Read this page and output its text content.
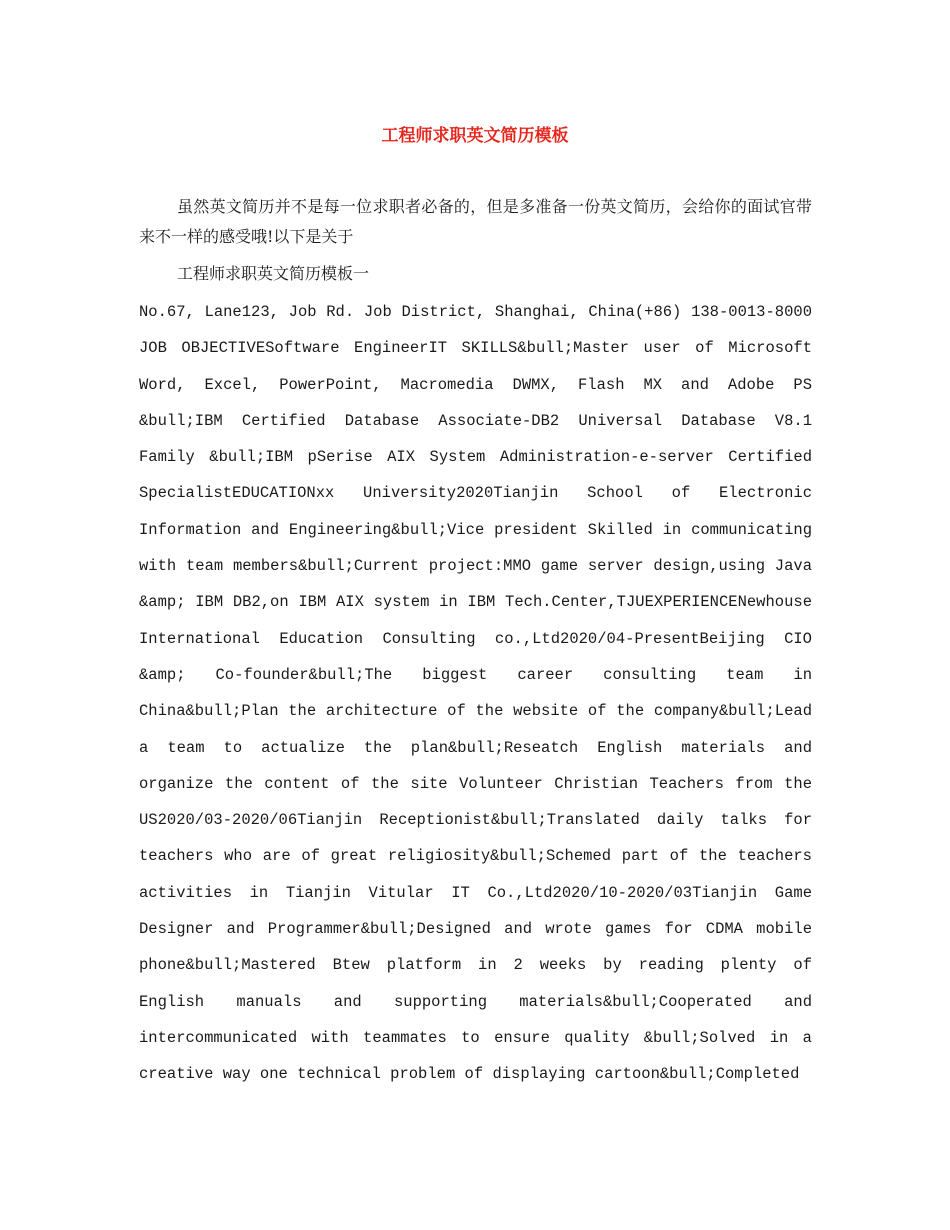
工程师求职英文简历模板

虽然英文简历并不是每一位求职者必备的，但是多准备一份英文简历，会给你的面试官带来不一样的感受哦!以下是关于

工程师求职英文简历模板一

No.67, Lane123, Job Rd. Job District, Shanghai, China(+86) 138-0013-8000 JOB OBJECTIVESoftware EngineerIT SKILLS&bull;Master user of Microsoft Word, Excel, PowerPoint, Macromedia DWMX, Flash MX and Adobe PS &bull;IBM Certified Database Associate-DB2 Universal Database V8.1 Family &bull;IBM pSerise AIX System Administration-e-server Certified SpecialistEDUCATIONxx University2020Tianjin School of Electronic Information and Engineering&bull;Vice president Skilled in communicating with team members&bull;Current project:MMO game server design,using Java &amp; IBM DB2,on IBM AIX system in IBM Tech.Center,TJUEXPERIENCENewhouse International Education Consulting co.,Ltd2020/04-PresentBeijing CIO &amp; Co-founder&bull;The biggest career consulting team in China&bull;Plan the architecture of the website of the company&bull;Lead a team to actualize the plan&bull;Reseatch English materials and organize the content of the site Volunteer Christian Teachers from the US2020/03-2020/06Tianjin Receptionist&bull;Translated daily talks for teachers who are of great religiosity&bull;Schemed part of the teachers activities in Tianjin Vitular IT Co.,Ltd2020/10-2020/03Tianjin Game Designer and Programmer&bull;Designed and wrote games for CDMA mobile phone&bull;Mastered Btew platform in 2 weeks by reading plenty of English manuals and supporting materials&bull;Cooperated and intercommunicated with teammates to ensure quality &bull;Solved in a creative way one technical problem of displaying cartoon&bull;Completed
